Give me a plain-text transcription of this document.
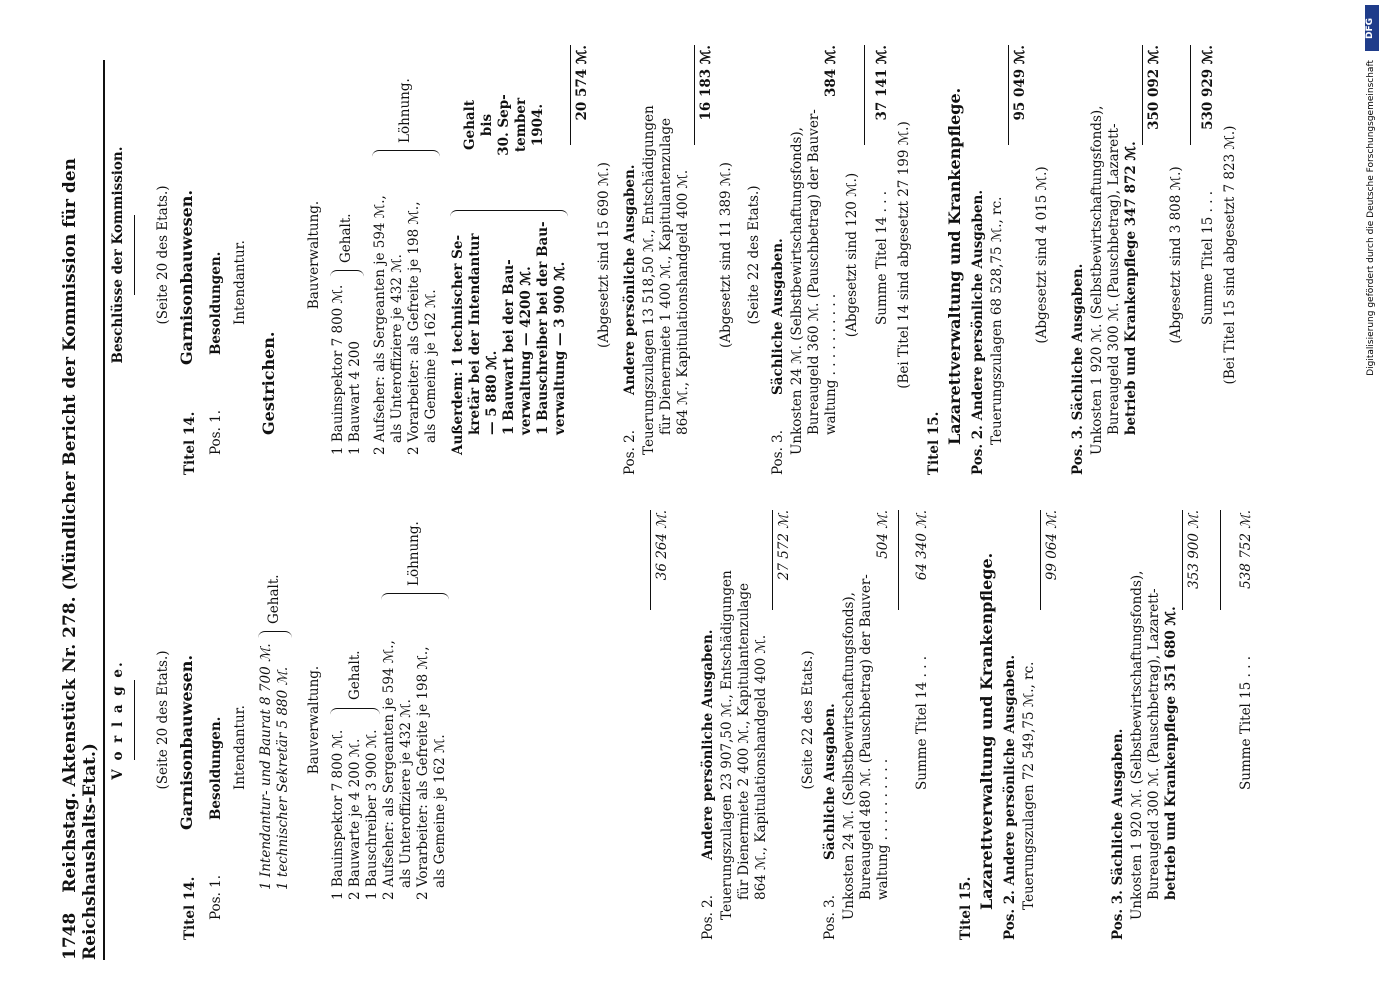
1748 Reichstag. Aktenstück Nr. 278. (Mündlicher Bericht der Kommission für den Reichshaushalts-Etat.)
V o r l a g e. (Seite 20 des Etats.)
Titel 14.
Garnisonbauwesen.
Pos. 1.
Besoldungen. Intendantur. 1 Intendantur- und Baurat 8 700 ℳ. 1 technischer Sekretär 5 880 ℳ.
Gehalt.
Bauverwaltung.
1 Bauinspektor 7 800 ℳ. 2 Bauwarte je 4 200 ℳ. 1 Bauschreiber 3 900 ℳ.
Gehalt. 2 Aufseher: als Sergeanten je 594 ℳ., als Unteroffiziere je 432 ℳ. 2 Vorarbeiter: als Gefreite je 198 ℳ., als Gemeine je 162 ℳ.
Löhnung.	36 264 ℳ.
Pos. 2.
Andere persönliche Ausgaben. Teuerungszulagen 23 907,50 ℳ., Entschädigungen für Dienermiete 2 400 ℳ., Kapitulantenzulage 864 ℳ., Kapitulationshandgeld 400 ℳ.
27 572 ℳ.
(Seite 22 des Etats.)
Pos. 3.
Sächliche Ausgaben. Unkosten 24 ℳ. (Selbstbewirtschaftungsfonds), Bureaugeld 480 ℳ. (Pauschbetrag) der Bauver- waltung . . . . . . . . . .
504 ℳ.
Summe Titel 14 . . .
64 340 ℳ.
Titel 15. Lazarettverwaltung und Krankenpflege. Pos. 2. Andere persönliche Ausgaben. Teuerungszulagen 72 549,75 ℳ., rc.
99 064 ℳ.
Pos. 3. Sächliche Ausgaben. Unkosten 1 920 ℳ. (Selbstbewirtschaftungsfonds), Bureaugeld 300 ℳ. (Pauschbetrag), Lazarett- betrieb und Krankenpflege 351 680 ℳ.
353 900 ℳ.
Summe Titel 15 . . .
538 752 ℳ.
Beschlüsse der Kommission. (Seite 20 des Etats.)
Titel 14.
Garnisonbauwesen.
Pos. 1.
Besoldungen. Intendantur.
Gestrichen.
Bauverwaltung.
1 Bauinspektor 7 800 ℳ. 1 Bauwart 4 200
Gehalt. 2 Aufseher: als Sergeanten je 594 ℳ., als Unteroffiziere je 432 ℳ. 2 Vorarbeiter: als Gefreite je 198 ℳ., als Gemeine je 162 ℳ.
Löhnung.
Außerdem: 1 technischer Se- kretär bei der Intendantur — 5 880 ℳ. 1 Bauwart bei der Bau- verwaltung — 4200 ℳ. 1 Bauschreiber bei der Bau- verwaltung — 3 900 ℳ.
Gehalt bis 30. Sep- tember 1904.
20 574 ℳ.
(Abgesetzt sind 15 690 ℳ.)
Pos. 2.
Andere persönliche Ausgaben. Teuerungszulagen 13 518,50 ℳ., Entschädigungen für Dienermiete 1 400 ℳ., Kapitulantenzulage 864 ℳ., Kapitulationshandgeld 400 ℳ.
16 183 ℳ.
(Abgesetzt sind 11 389 ℳ.) (Seite 22 des Etats.)
Pos. 3.
Sächliche Ausgaben. Unkosten 24 ℳ. (Selbstbewirtschaftungsfonds), Bureaugeld 360 ℳ. (Pauschbetrag) der Bauver- waltung . . . . . . . . . .
384 ℳ.
(Abgesetzt sind 120 ℳ.) Summe Titel 14 . . .
37 141 ℳ.
(Bei Titel 14 sind abgesetzt 27 199 ℳ.)
Titel 15. Lazarettverwaltung und Krankenpflege. Pos. 2. Andere persönliche Ausgaben. Teuerungszulagen 68 528,75 ℳ., rc.
95 049 ℳ.
(Abgesetzt sind 4 015 ℳ.)
Pos. 3. Sächliche Ausgaben. Unkosten 1 920 ℳ. (Selbstbewirtschaftungsfonds), Bureaugeld 300 ℳ. (Pauschbetrag), Lazarett- betrieb und Krankenpflege 347 872 ℳ.
350 092 ℳ.
(Abgesetzt sind 3 808 ℳ.) Summe Titel 15 . . .
530 929 ℳ.
(Bei Titel 15 sind abgesetzt 7 823 ℳ.)
DFG
Digitalisierung gefördert durch die Deutsche Forschungsgemeinschaft
